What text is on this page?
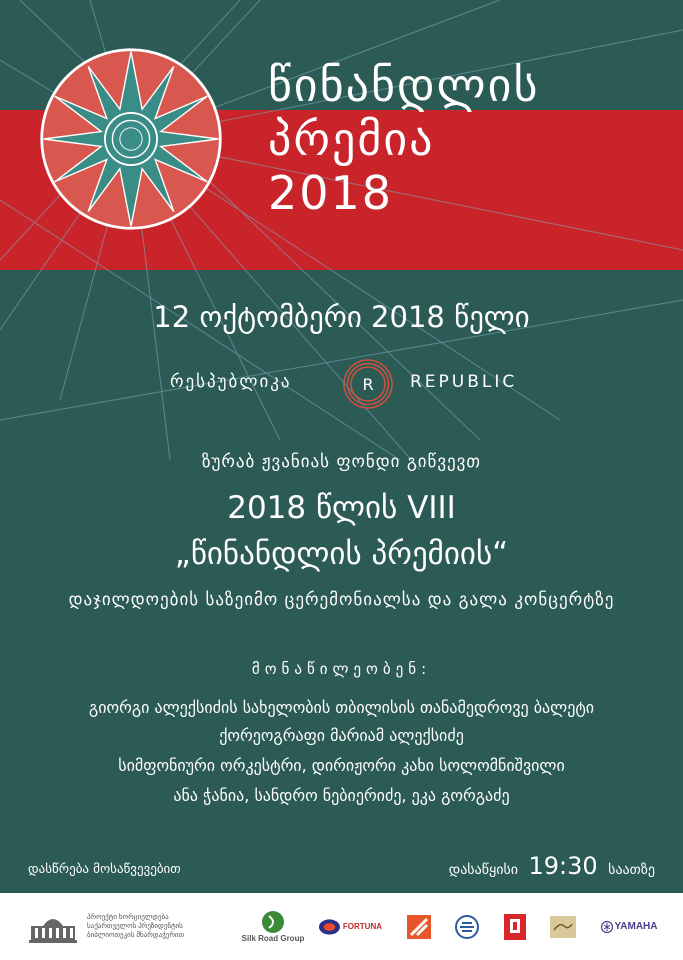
წინანდლის
პრემია
2018
12 ოქტომბერი 2018 წელი
რესპუბლიკა	R REPUBLIC
ზურაბ ჟვანიას ფონდი გიწვევთ
2018 წლის VIII
„წინანდლის პრემიის“
დაჯილდოების საზეიმო ცერემონიალსა და გალა კონცერტზე
მონაწილეობენ:
გიორგი ალექსიძის სახელობის თბილისის თანამედროვე ბალეტი
ქორეოგრაფი მარიამ ალექსიძე
სიმფონიური ორკესტრი, დირიჟორი კახი სოლომნიშვილი
ანა ჭანია, სანდრო ნებიერიძე, ეკა გორგაძე
დასწრება მოსაწვევებით	დასაწყისი 19:30 საათზე
პროექტი ხორციელდება საქართველოს პრეზიდენტის ბიბლიოთეკის მხარდაჭერით	Silk Road Group
FORTUNA	YAMAHA
